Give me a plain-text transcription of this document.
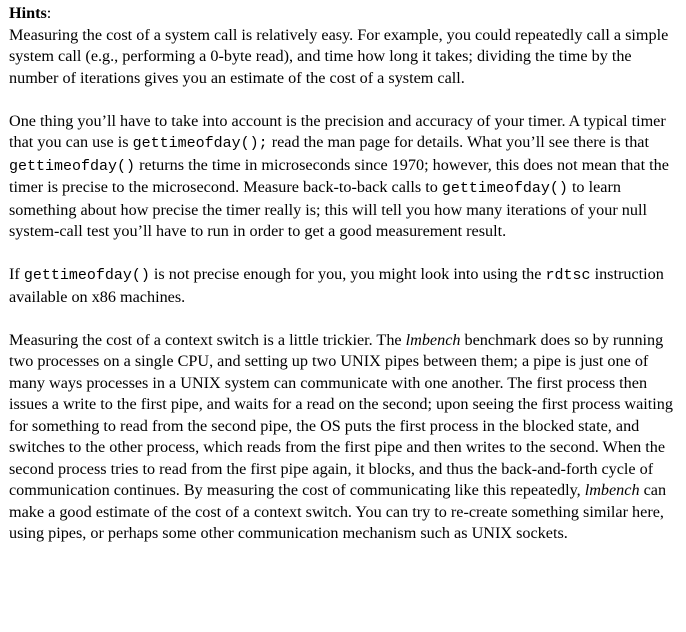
Hints:

Measuring the cost of a system call is relatively easy. For example, you could repeatedly call a simple system call (e.g., performing a 0-byte read), and time how long it takes; dividing the time by the number of iterations gives you an estimate of the cost of a system call.

One thing you’ll have to take into account is the precision and accuracy of your timer. A typical timer that you can use is gettimeofday(); read the man page for details. What you’ll see there is that gettimeofday() returns the time in microseconds since 1970; however, this does not mean that the timer is precise to the microsecond. Measure back-to-back calls to gettimeofday() to learn something about how precise the timer really is; this will tell you how many iterations of your null system-call test you’ll have to run in order to get a good measurement result.

If gettimeofday() is not precise enough for you, you might look into using the rdtsc instruction available on x86 machines.

Measuring the cost of a context switch is a little trickier. The lmbench benchmark does so by running two processes on a single CPU, and setting up two UNIX pipes between them; a pipe is just one of many ways processes in a UNIX system can communicate with one another. The first process then issues a write to the first pipe, and waits for a read on the second; upon seeing the first process waiting for something to read from the second pipe, the OS puts the first process in the blocked state, and switches to the other process, which reads from the first pipe and then writes to the second. When the second process tries to read from the first pipe again, it blocks, and thus the back-and-forth cycle of communication continues. By measuring the cost of communicating like this repeatedly, lmbench can make a good estimate of the cost of a context switch. You can try to re-create something similar here, using pipes, or perhaps some other communication mechanism such as UNIX sockets.
